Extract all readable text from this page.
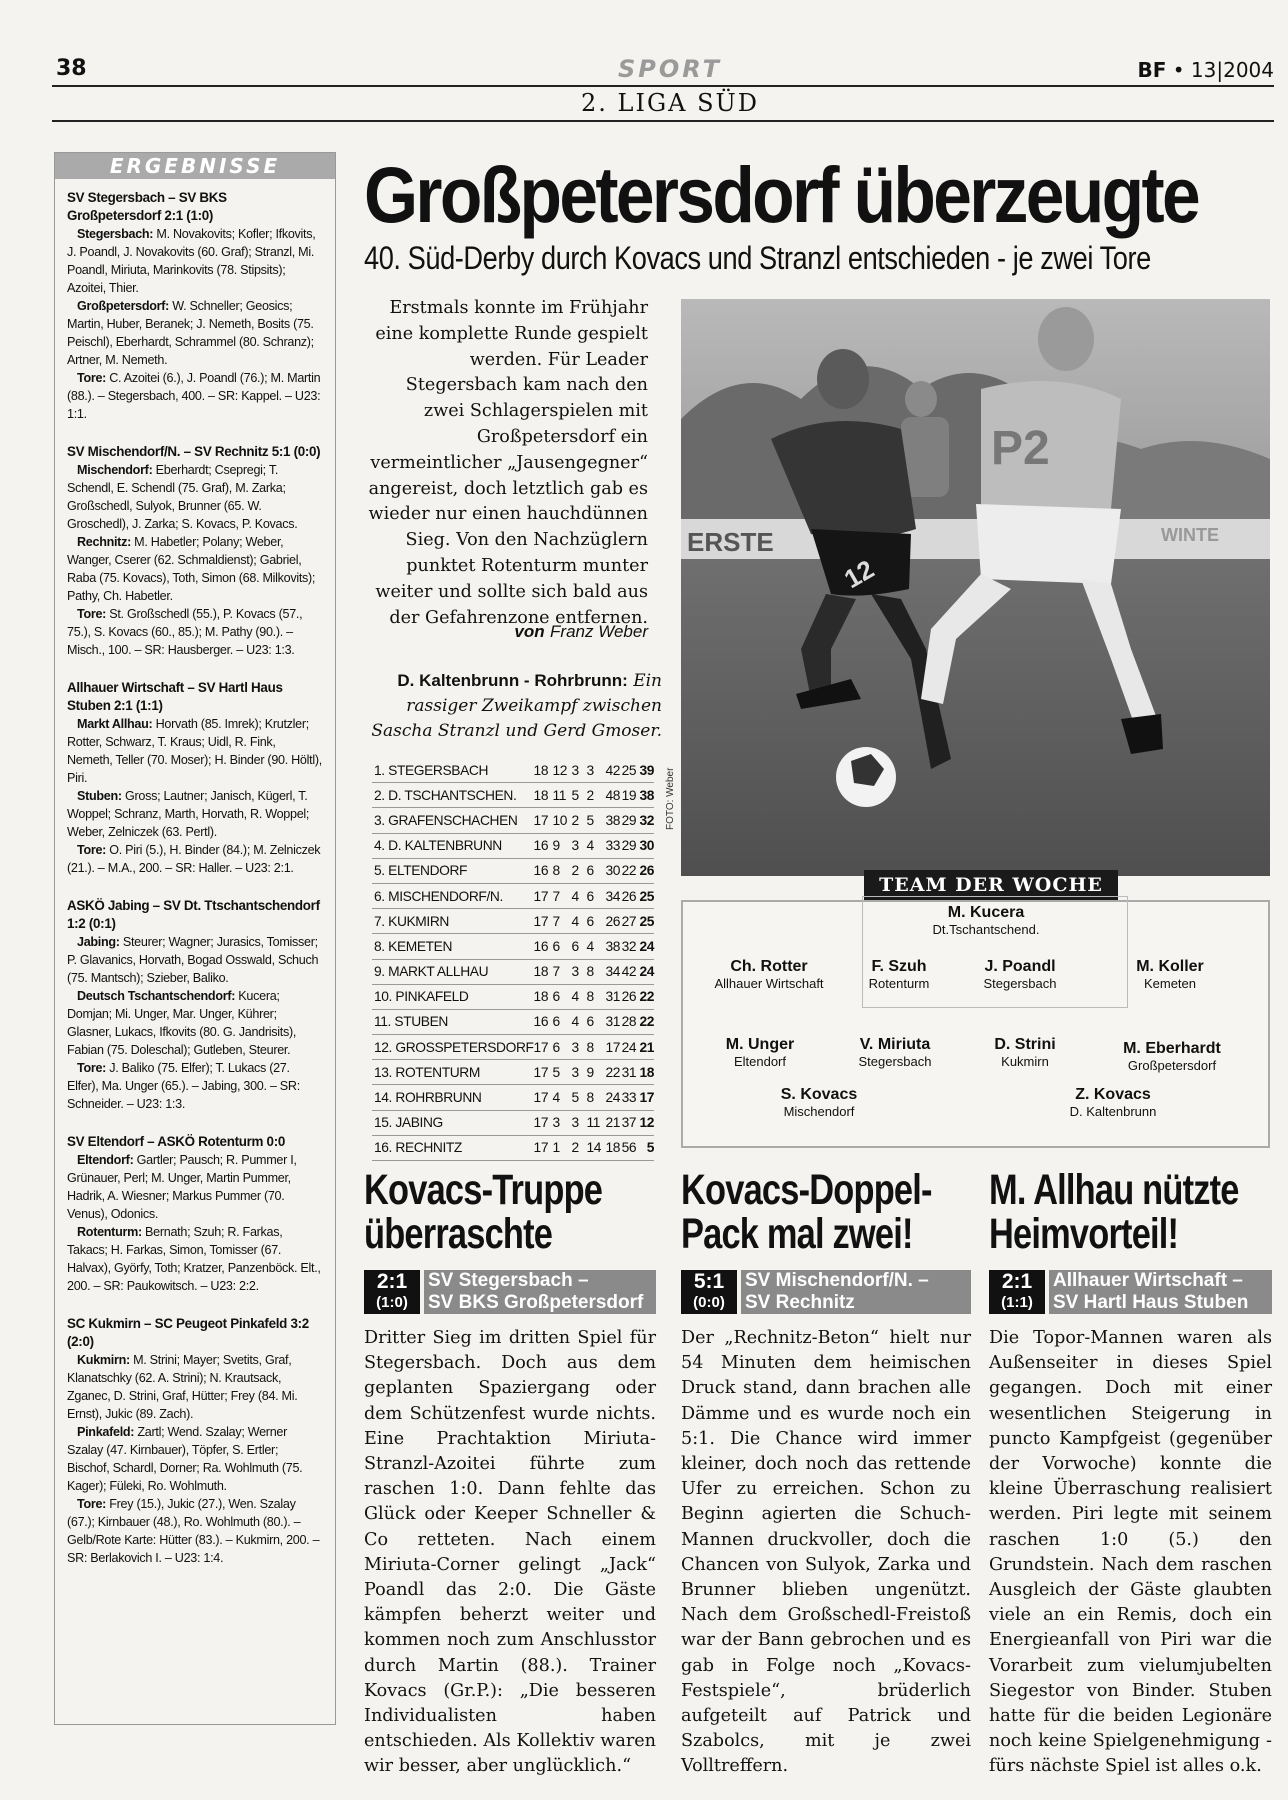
38	SPORT	BF • 13|2004
2. LIGA SÜD
ERGEBNISSE
SV Stegersbach – SV BKS Großpetersdorf 2:1 (1:0)

Stegersbach: M. Novakovits; Kofler; Ifkovits, J. Poandl, J. Novakovits (60. Graf); Stranzl, Mi. Poandl, Miriuta, Marinkovits (78. Stipsits); Azoitei, Thier.

Großpetersdorf: W. Schneller; Geosics; Martin, Huber, Beranek; J. Nemeth, Bosits (75. Peischl), Eberhardt, Schrammel (80. Schranz); Artner, M. Nemeth.

Tore: C. Azoitei (6.), J. Poandl (76.); M. Martin (88.). – Stegersbach, 400. – SR: Kappel. – U23: 1:1.

SV Mischendorf/N. – SV Rechnitz 5:1 (0:0)

Mischendorf: Eberhardt; Csepregi; T. Schendl, E. Schendl (75. Graf), M. Zarka; Großschedl, Sulyok, Brunner (65. W. Groschedl), J. Zarka; S. Kovacs, P. Kovacs.

Rechnitz: M. Habetler; Polany; Weber, Wanger, Cserer (62. Schmaldienst); Gabriel, Raba (75. Kovacs), Toth, Simon (68. Milkovits); Pathy, Ch. Habetler.

Tore: St. Großschedl (55.), P. Kovacs (57., 75.), S. Kovacs (60., 85.); M. Pathy (90.). – Misch., 100. – SR: Hausberger. – U23: 1:3.

Allhauer Wirtschaft – SV Hartl Haus Stuben 2:1 (1:1)

Markt Allhau: Horvath (85. Imrek); Krutzler; Rotter, Schwarz, T. Kraus; Uidl, R. Fink, Nemeth, Teller (70. Moser); H. Binder (90. Höltl), Piri.

Stuben: Gross; Lautner; Janisch, Kügerl, T. Woppel; Schranz, Marth, Horvath, R. Woppel; Weber, Zelniczek (63. Pertl).

Tore: O. Piri (5.), H. Binder (84.); M. Zelniczek (21.). – M.A., 200. – SR: Haller. – U23: 2:1.

ASKÖ Jabing – SV Dt. Ttschantschendorf 1:2 (0:1)

Jabing: Steurer; Wagner; Jurasics, Tomisser; P. Glavanics, Horvath, Bogad Osswald, Schuch (75. Mantsch); Szieber, Baliko.

Deutsch Tschantschendorf: Kucera; Domjan; Mi. Unger, Mar. Unger, Kührer; Glasner, Lukacs, Ifkovits (80. G. Jandrisits), Fabian (75. Doleschal); Gutleben, Steurer.

Tore: J. Baliko (75. Elfer); T. Lukacs (27. Elfer), Ma. Unger (65.). – Jabing, 300. – SR: Schneider. – U23: 1:3.

SV Eltendorf – ASKÖ Rotenturm 0:0

Eltendorf: Gartler; Pausch; R. Pummer I, Grünauer, Perl; M. Unger, Martin Pummer, Hadrik, A. Wiesner; Markus Pummer (70. Venus), Odonics.

Rotenturm: Bernath; Szuh; R. Farkas, Takacs; H. Farkas, Simon, Tomisser (67. Halvax), Györfy, Toth; Kratzer, Panzenböck. Elt., 200. – SR: Paukowitsch. – U23: 2:2.

SC Kukmirn – SC Peugeot Pinkafeld 3:2 (2:0)

Kukmirn: M. Strini; Mayer; Svetits, Graf, Klanatschky (62. A. Strini); N. Krautsack, Zganec, D. Strini, Graf, Hütter; Frey (84. Mi. Ernst), Jukic (89. Zach).

Pinkafeld: Zartl; Wend. Szalay; Werner Szalay (47. Kirnbauer), Töpfer, S. Ertler; Bischof, Schardl, Dorner; Ra. Wohlmuth (75. Kager); Füleki, Ro. Wohlmuth.

Tore: Frey (15.), Jukic (27.), Wen. Szalay (67.); Kirnbauer (48.), Ro. Wohlmuth (80.). – Gelb/Rote Karte: Hütter (83.). – Kukmirn, 200. – SR: Berlakovich I. – U23: 1:4.

Großpetersdorf überzeugte
40. Süd-Derby durch Kovacs und Stranzl entschieden - je zwei Tore
Erstmals konnte im Frühjahr eine komplette Runde gespielt werden. Für Leader Stegersbach kam nach den zwei Schlagerspielen mit Großpetersdorf ein vermeintlicher „Jausengegner“ angereist, doch letztlich gab es wieder nur einen hauchdünnen Sieg. Von den Nachzüglern punktet Rotenturm munter weiter und sollte sich bald aus der Gefahrenzone entfernen.
von Franz Weber
D. Kaltenbrunn - Rohrbrunn: Ein rassiger Zweikampf zwischen Sascha Stranzl und Gerd Gmoser.
1. STEGERSBACH	18	12	3	3	42	25	39
2. D. TSCHANTSCHEN.	18	11	5	2	48	19	38
3. GRAFENSCHACHEN	17	10	2	5	38	29	32
4. D. KALTENBRUNN	16	9	3	4	33	29	30
5. ELTENDORF	16	8	2	6	30	22	26
6. MISCHENDORF/N.	17	7	4	6	34	26	25
7. KUKMIRN	17	7	4	6	26	27	25
8. KEMETEN	16	6	6	4	38	32	24
9. MARKT ALLHAU	18	7	3	8	34	42	24
10. PINKAFELD	18	6	4	8	31	26	22
11. STUBEN	16	6	4	6	31	28	22
12. GROSSPETERSDORF	17	6	3	8	17	24	21
13. ROTENTURM	17	5	3	9	22	31	18
14. ROHRBRUNN	17	4	5	8	24	33	17
15. JABING	17	3	3	11	21	37	12
16. RECHNITZ	17	1	2	14	18	56	5
ERSTE	WINTE
12
P2
FOTO: Weber
TEAM DER WOCHE
M. Kucera
Dt.Tschantschend.
Ch. Rotter
Allhauer Wirtschaft
F. Szuh
Rotenturm
J. Poandl
Stegersbach
M. Koller
Kemeten
M. Unger
Eltendorf
V. Miriuta
Stegersbach
D. Strini
Kukmirn
M. Eberhardt
Großpetersdorf
S. Kovacs
Mischendorf
Z. Kovacs
D. Kaltenbrunn
Kovacs-Truppe
überraschte
2:1
(1:0)
SV Stegersbach –
SV BKS Großpetersdorf
Dritter Sieg im dritten Spiel für Stegersbach. Doch aus dem geplanten Spaziergang oder dem Schützenfest wurde nichts. Eine Prachtaktion Miriuta-Stranzl-Azoitei führte zum raschen 1:0. Dann fehlte das Glück oder Keeper Schneller & Co retteten. Nach einem Miriuta-Corner gelingt „Jack“ Poandl das 2:0. Die Gäste kämpfen beherzt weiter und kommen noch zum Anschlusstor durch Martin (88.). Trainer Kovacs (Gr.P.): „Die besseren Individualisten haben entschieden. Als Kollektiv waren wir besser, aber unglücklich.“
Kovacs-Doppel-
Pack mal zwei!
5:1
(0:0)
SV Mischendorf/N. –
SV Rechnitz
Der „Rechnitz-Beton“ hielt nur 54 Minuten dem heimischen Druck stand, dann brachen alle Dämme und es wurde noch ein 5:1. Die Chance wird immer kleiner, doch noch das rettende Ufer zu erreichen. Schon zu Beginn agierten die Schuch-Mannen druckvoller, doch die Chancen von Sulyok, Zarka und Brunner blieben ungenützt. Nach dem Großschedl-Freistoß war der Bann gebrochen und es gab in Folge noch „Kovacs-Festspiele“, brüderlich aufgeteilt auf Patrick und Szabolcs, mit je zwei Volltreffern.
M. Allhau nützte
Heimvorteil!
2:1
(1:1)
Allhauer Wirtschaft –
SV Hartl Haus Stuben
Die Topor-Mannen waren als Außenseiter in dieses Spiel gegangen. Doch mit einer wesentlichen Steigerung in puncto Kampfgeist (gegenüber der Vorwoche) konnte die kleine Überraschung realisiert werden. Piri legte mit seinem raschen 1:0 (5.) den Grundstein. Nach dem raschen Ausgleich der Gäste glaubten viele an ein Remis, doch ein Energieanfall von Piri war die Vorarbeit zum vielumjubelten Siegestor von Binder. Stuben hatte für die beiden Legionäre noch keine Spielgenehmigung - fürs nächste Spiel ist alles o.k.
